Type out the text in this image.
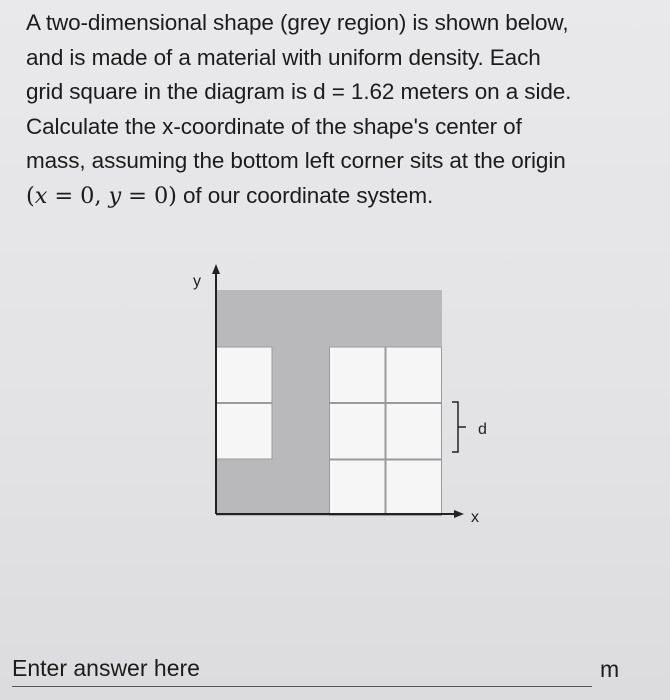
A two-dimensional shape (grey region) is shown below,
and is made of a material with uniform density. Each
grid square in the diagram is d = 1.62 meters on a side.
Calculate the x-coordinate of the shape's center of
mass, assuming the bottom left corner sits at the origin
(x = 0, y = 0) of our coordinate system.
y
x
d
Enter answer here
m
